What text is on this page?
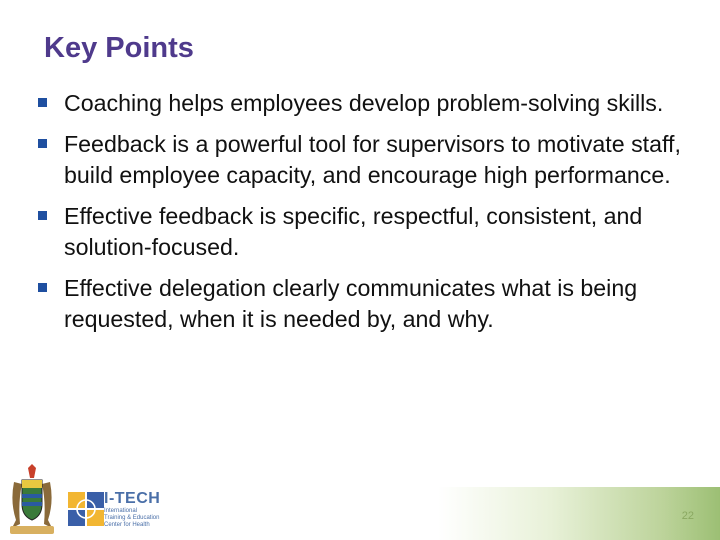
Key Points
Coaching helps employees develop problem-solving skills.
Feedback is a powerful tool for supervisors to motivate staff, build employee capacity, and encourage high performance.
Effective feedback is specific, respectful, consistent, and solution-focused.
Effective delegation clearly communicates what is being requested, when it is needed by, and why.
22
I-TECH
International
Training & Education
Center for Health
